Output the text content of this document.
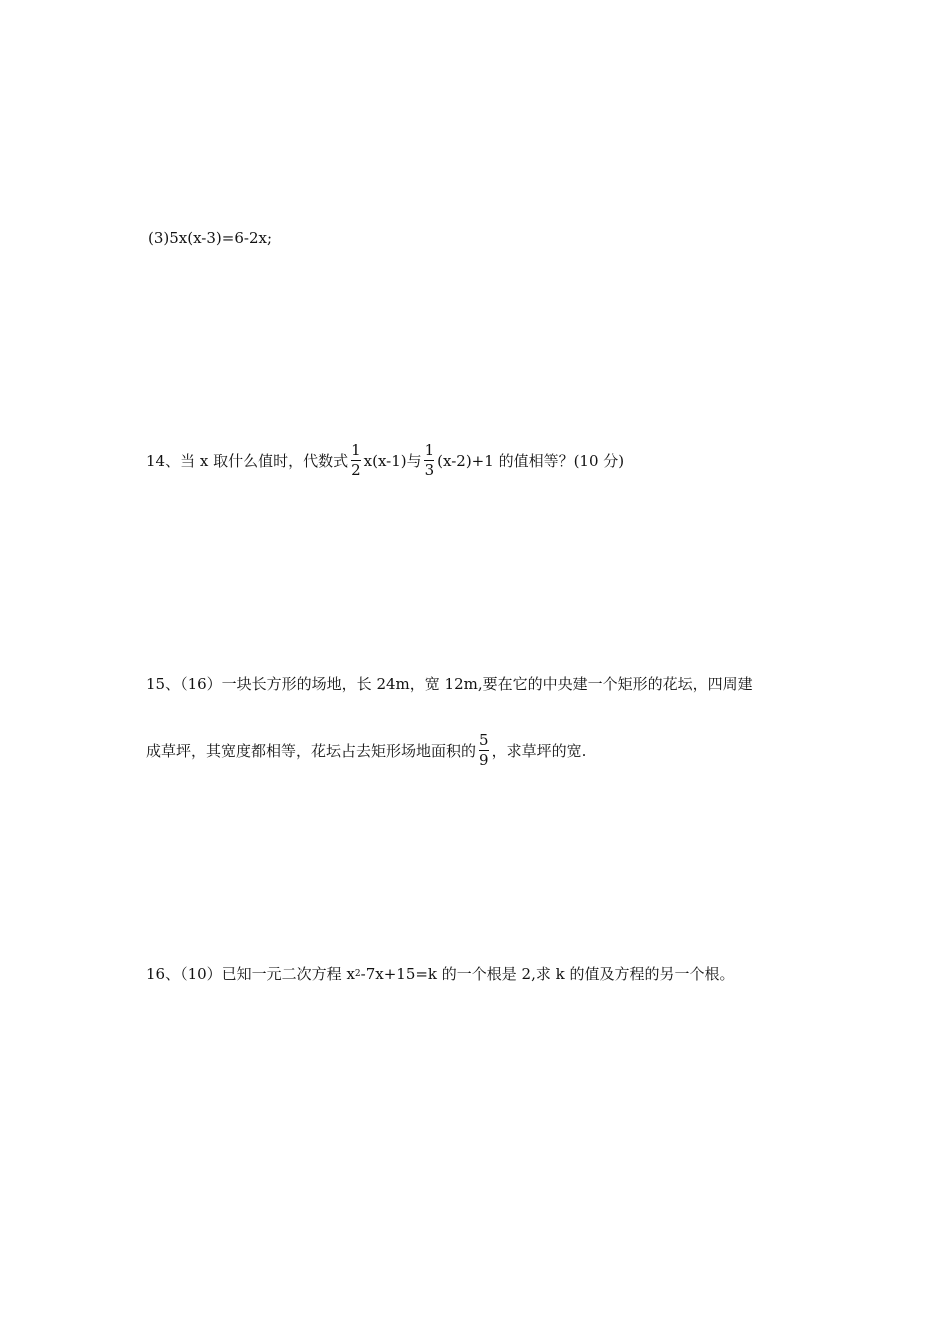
(3)5x(x-3)=6-2x;
14、当 x 取什么值时，代数式 $\frac{1}{2} x(x-1)$与 $\frac{1}{3} (x-2)+1$ 的值相等？(10 分)
15、（16）一块长方形的场地，长 24m，宽 12m,要在它的中央建一个矩形的花坛，四周建
成草坪，其宽度都相等，花坛占去矩形场地面积的 $\frac{5}{9}$ ，求草坪的宽.
16、（10）已知一元二次方程 x 2 -7x+15=k 的一个根是 2,求 k 的值及方程的另一个根。
